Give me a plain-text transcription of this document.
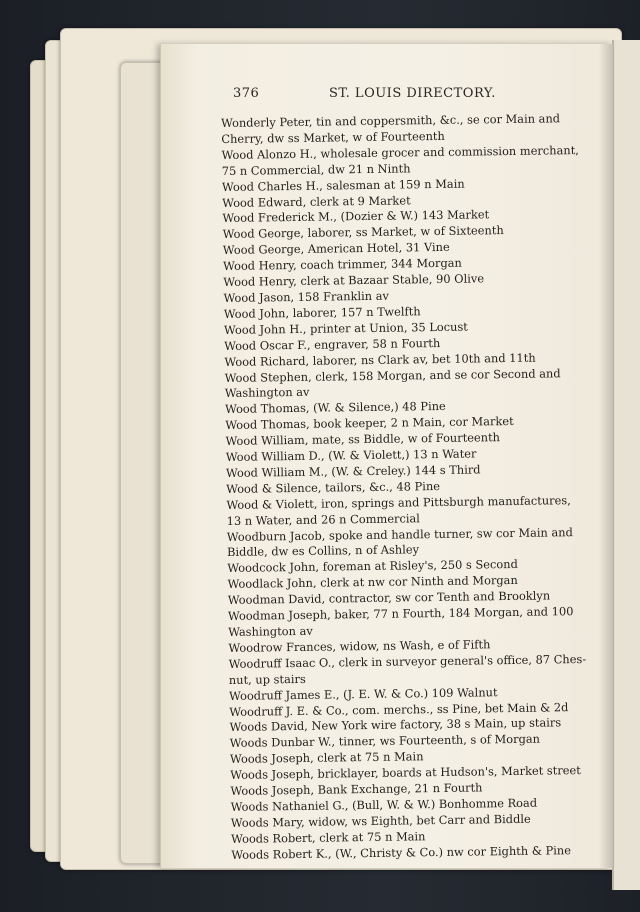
376	ST. LOUIS DIRECTORY.

Wonderly Peter, tin and coppersmith, &c., se cor Main and
Cherry, dw ss Market, w of Fourteenth

Wood Alonzo H., wholesale grocer and commission merchant,
75 n Commercial, dw 21 n Ninth

Wood Charles H., salesman at 159 n Main

Wood Edward, clerk at 9 Market

Wood Frederick M., (Dozier & W.) 143 Market

Wood George, laborer, ss Market, w of Sixteenth

Wood George, American Hotel, 31 Vine

Wood Henry, coach trimmer, 344 Morgan

Wood Henry, clerk at Bazaar Stable, 90 Olive

Wood Jason, 158 Franklin av

Wood John, laborer, 157 n Twelfth

Wood John H., printer at Union, 35 Locust

Wood Oscar F., engraver, 58 n Fourth

Wood Richard, laborer, ns Clark av, bet 10th and 11th

Wood Stephen, clerk, 158 Morgan, and se cor Second and
Washington av

Wood Thomas, (W. & Silence,) 48 Pine

Wood Thomas, book keeper, 2 n Main, cor Market

Wood William, mate, ss Biddle, w of Fourteenth

Wood William D., (W. & Violett,) 13 n Water

Wood William M., (W. & Creley.) 144 s Third

Wood & Silence, tailors, &c., 48 Pine

Wood & Violett, iron, springs and Pittsburgh manufactures,
13 n Water, and 26 n Commercial

Woodburn Jacob, spoke and handle turner, sw cor Main and
Biddle, dw es Collins, n of Ashley

Woodcock John, foreman at Risley's, 250 s Second

Woodlack John, clerk at nw cor Ninth and Morgan

Woodman David, contractor, sw cor Tenth and Brooklyn

Woodman Joseph, baker, 77 n Fourth, 184 Morgan, and 100
Washington av

Woodrow Frances, widow, ns Wash, e of Fifth

Woodruff Isaac O., clerk in surveyor general's office, 87 Ches-
nut, up stairs

Woodruff James E., (J. E. W. & Co.) 109 Walnut

Woodruff J. E. & Co., com. merchs., ss Pine, bet Main & 2d

Woods David, New York wire factory, 38 s Main, up stairs

Woods Dunbar W., tinner, ws Fourteenth, s of Morgan

Woods Joseph, clerk at 75 n Main

Woods Joseph, bricklayer, boards at Hudson's, Market street

Woods Joseph, Bank Exchange, 21 n Fourth

Woods Nathaniel G., (Bull, W. & W.) Bonhomme Road

Woods Mary, widow, ws Eighth, bet Carr and Biddle

Woods Robert, clerk at 75 n Main

Woods Robert K., (W., Christy & Co.) nw cor Eighth & Pine
